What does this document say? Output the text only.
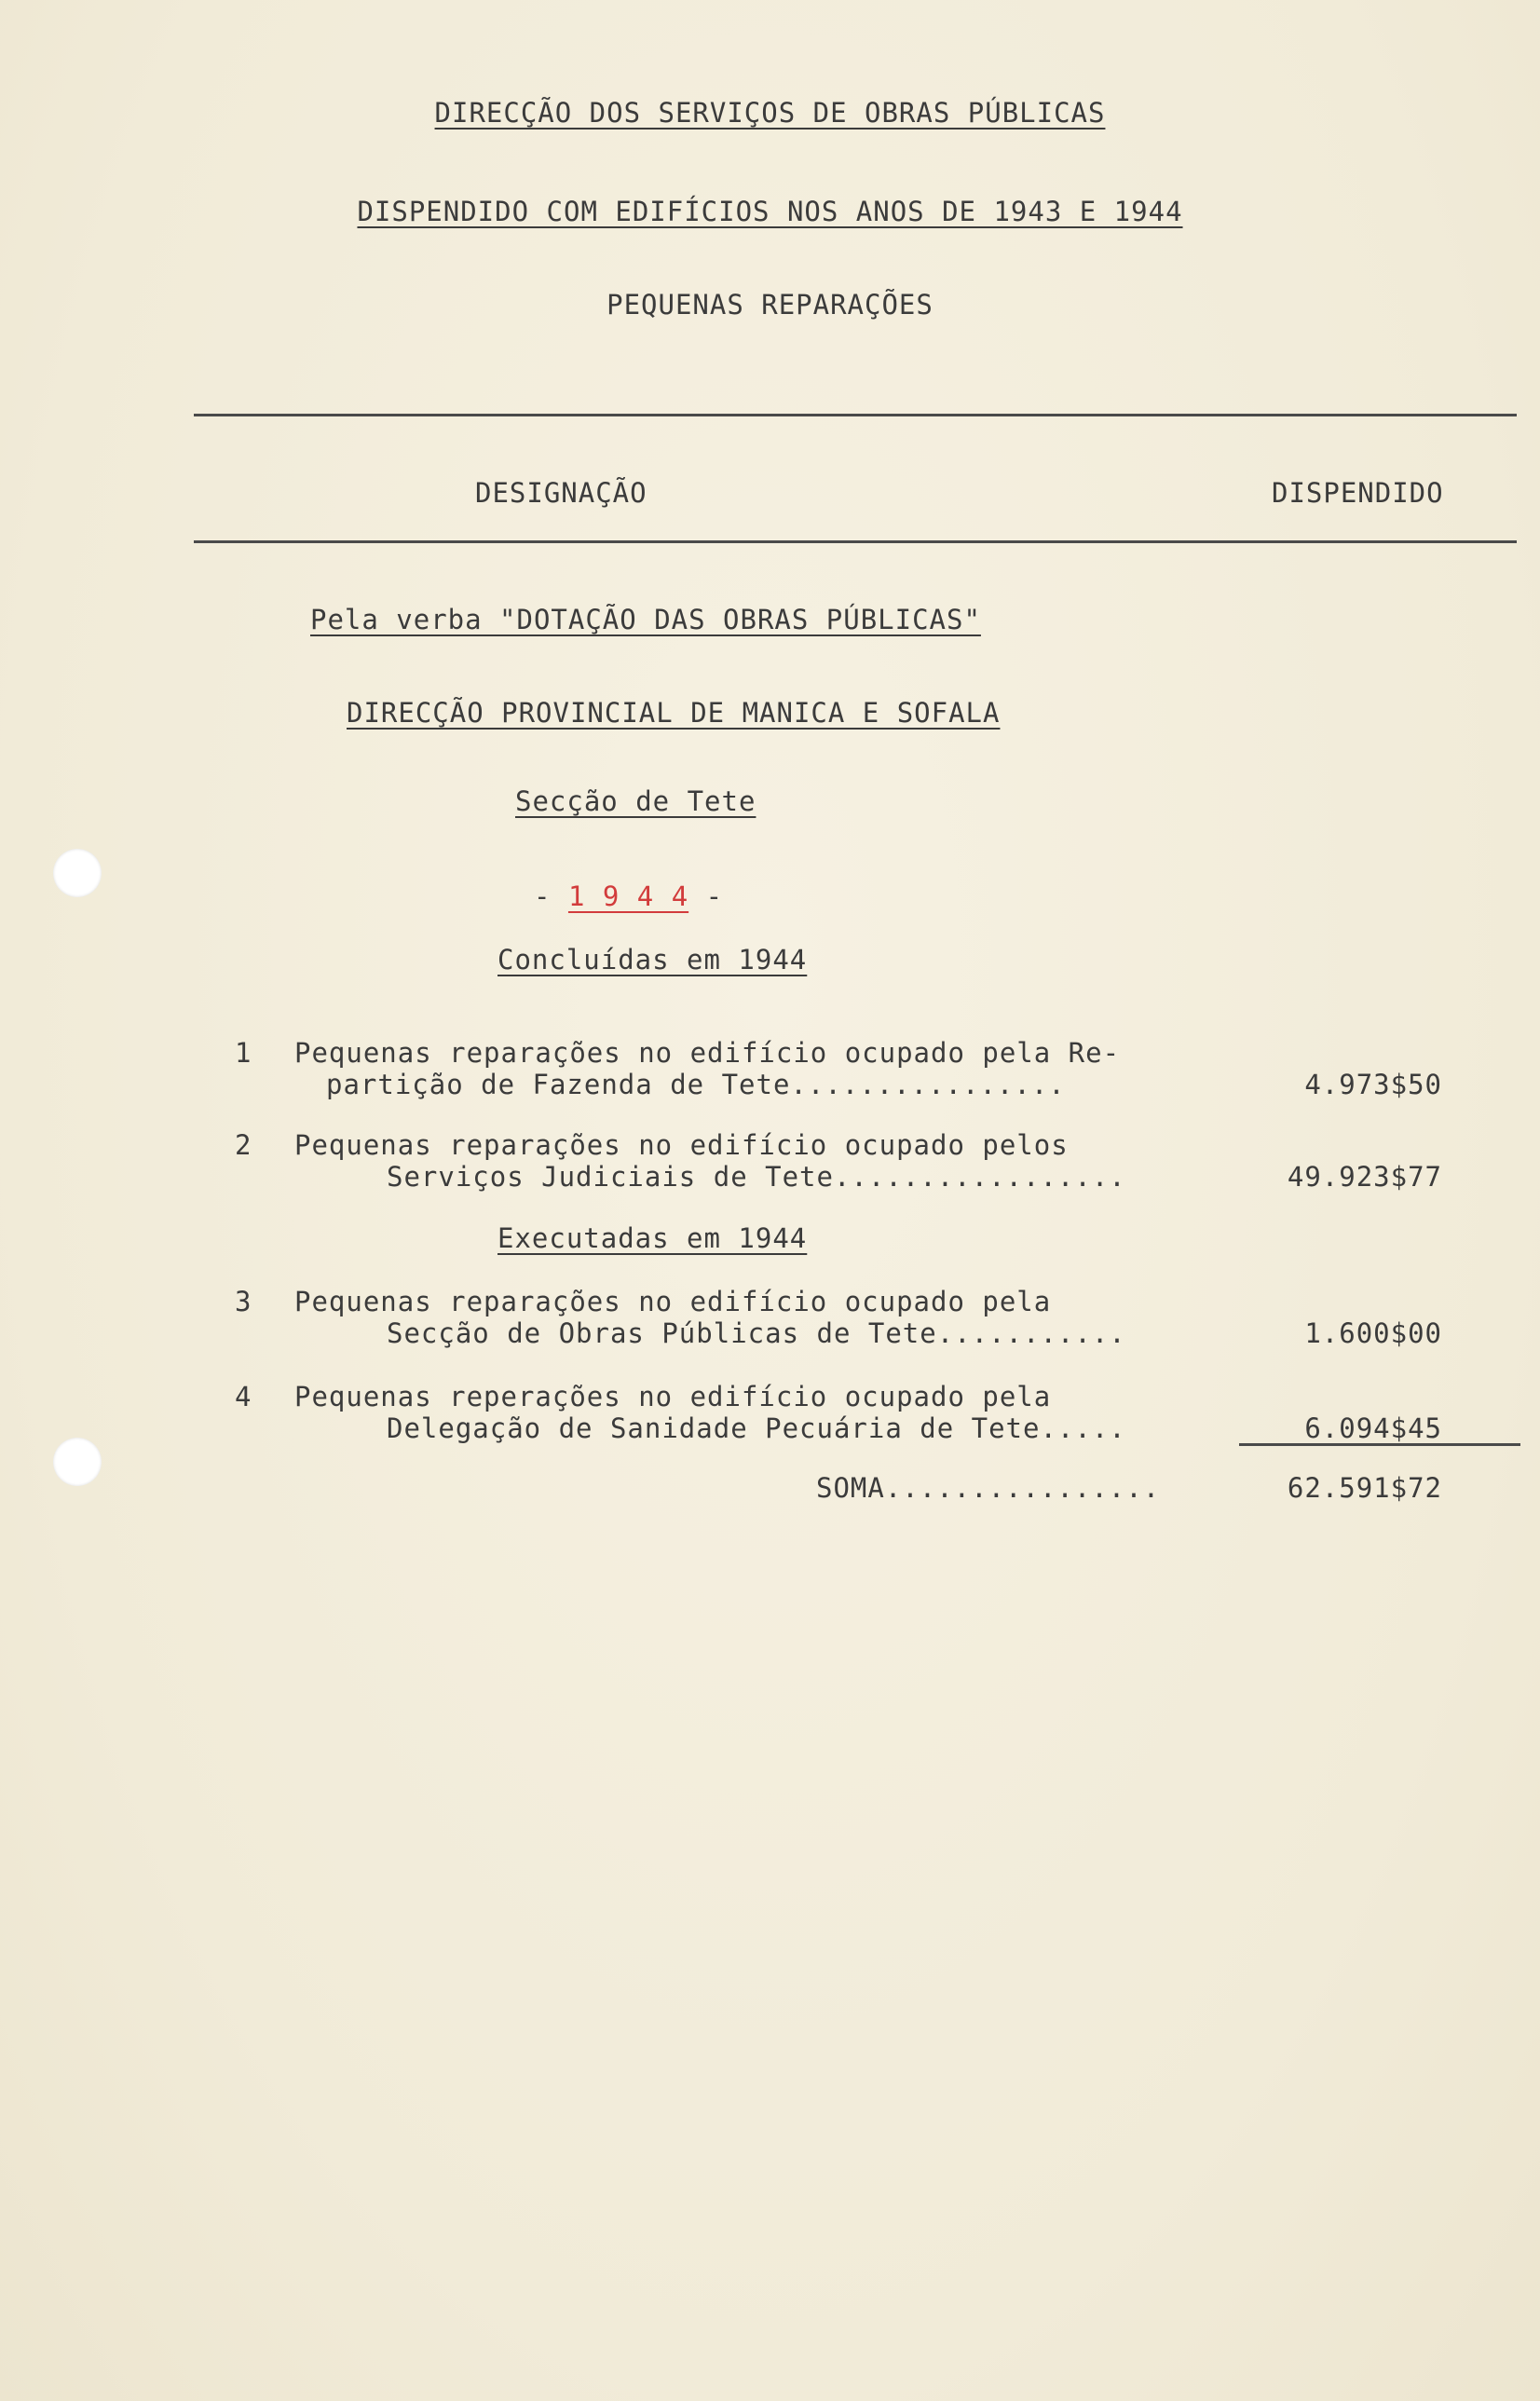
DIRECÇÃO DOS SERVIÇOS DE OBRAS PÚBLICAS
DISPENDIDO COM EDIFÍCIOS NOS ANOS DE 1943 E 1944
PEQUENAS REPARAÇÕES
DESIGNAÇÃO	DISPENDIDO
Pela verba "DOTAÇÃO DAS OBRAS PÚBLICAS"
DIRECÇÃO PROVINCIAL DE MANICA E SOFALA
Secção de Tete
- 1 9 4 4 -
Concluídas em 1944
1 Pequenas reparações no edifício ocupado pela Re-
partição de Fazenda de Tete................	4.973$50
2 Pequenas reparações no edifício ocupado pelos
Serviços Judiciais de Tete.................	49.923$77
Executadas em 1944
3 Pequenas reparações no edifício ocupado pela
Secção de Obras Públicas de Tete...........	1.600$00
4 Pequenas reperações no edifício ocupado pela
Delegação de Sanidade Pecuária de Tete.....	6.094$45
SOMA................	62.591$72
